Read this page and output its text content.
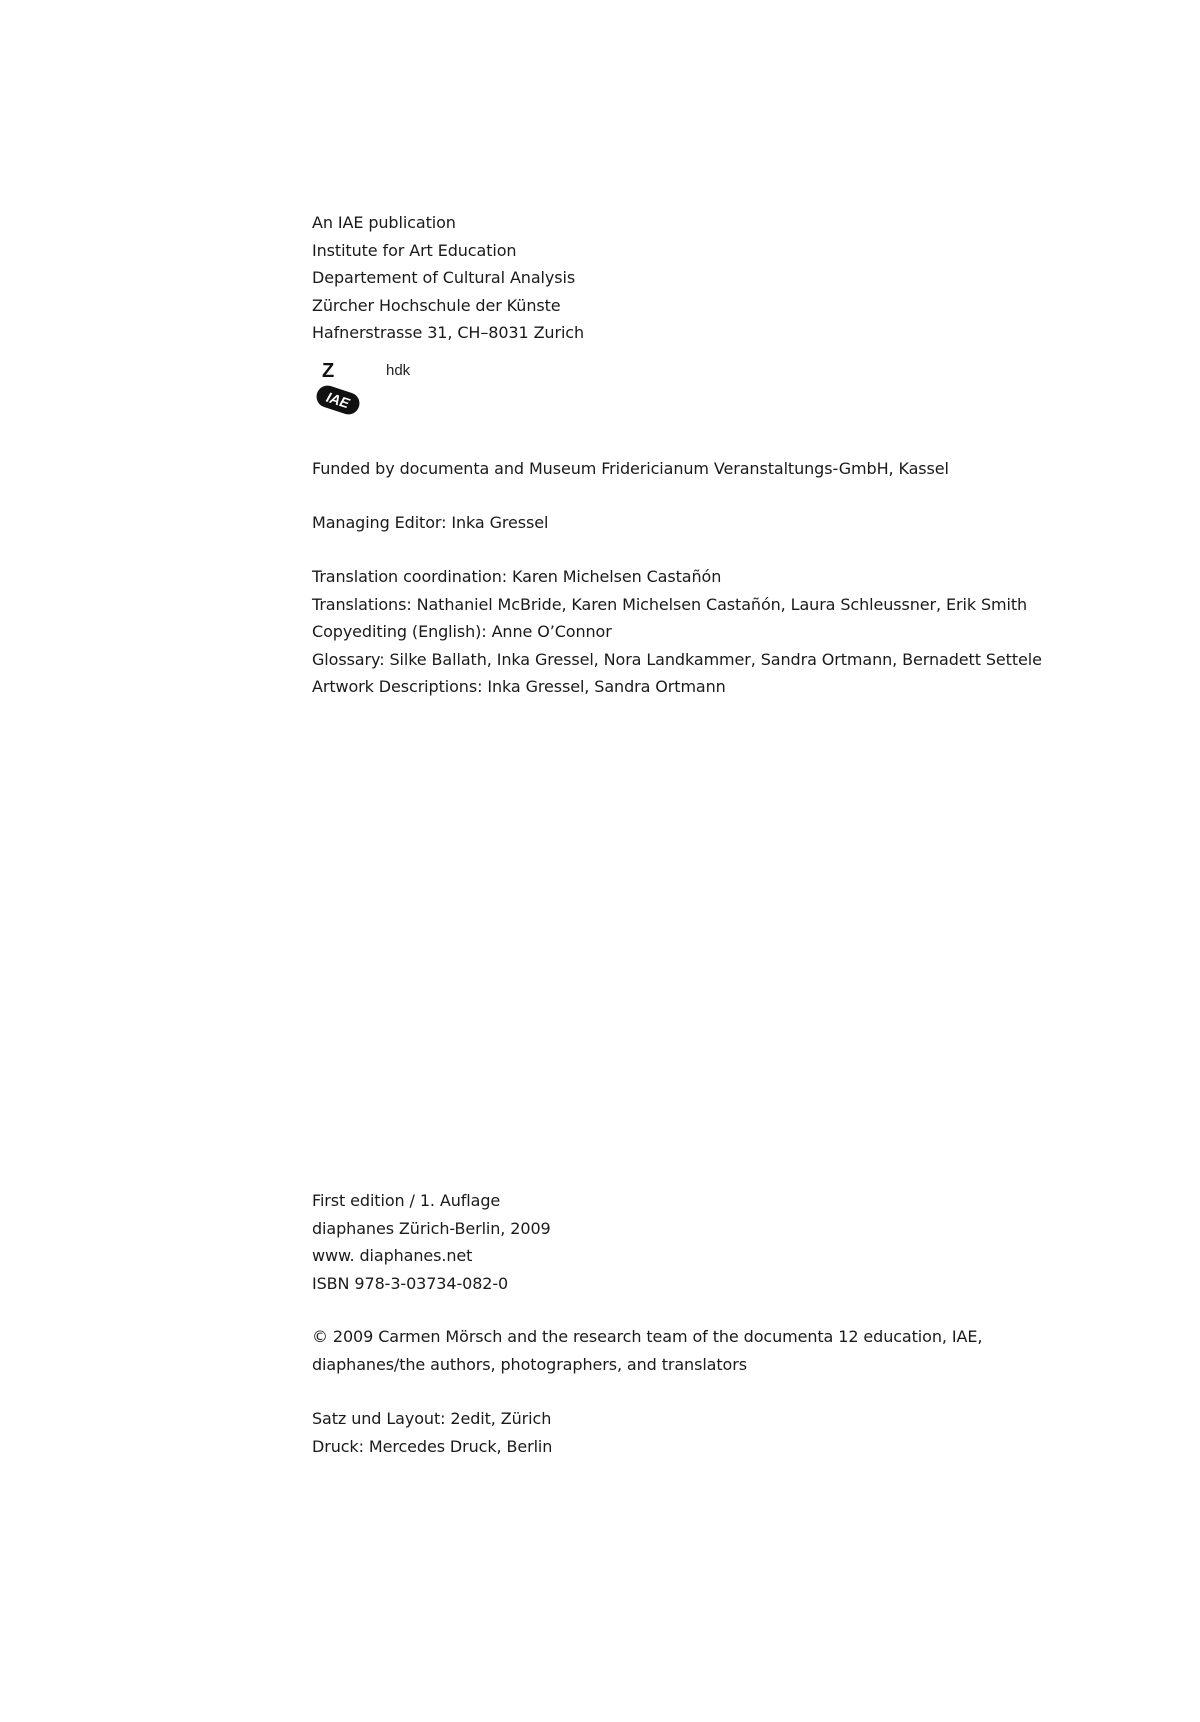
An IAE publication
Institute for Art Education
Departement of Cultural Analysis
Zürcher Hochschule der Künste
Hafnerstrasse 31, CH–8031 Zurich
Z
IAE
hdk
Funded by documenta and Museum Fridericianum Veranstaltungs-GmbH, Kassel
Managing Editor: Inka Gressel
Translation coordination: Karen Michelsen Castañón
Translations: Nathaniel McBride, Karen Michelsen Castañón, Laura Schleussner, Erik Smith
Copyediting (English): Anne O’Connor
Glossary: Silke Ballath, Inka Gressel, Nora Landkammer, Sandra Ortmann, Bernadett Settele
Artwork Descriptions: Inka Gressel, Sandra Ortmann
First edition / 1. Auflage
diaphanes Zürich-Berlin, 2009
www. diaphanes.net
ISBN 978-3-03734-082-0
© 2009 Carmen Mörsch and the research team of the documenta 12 education, IAE,
diaphanes/the authors, photographers, and translators
Satz und Layout: 2edit, Zürich
Druck: Mercedes Druck, Berlin
